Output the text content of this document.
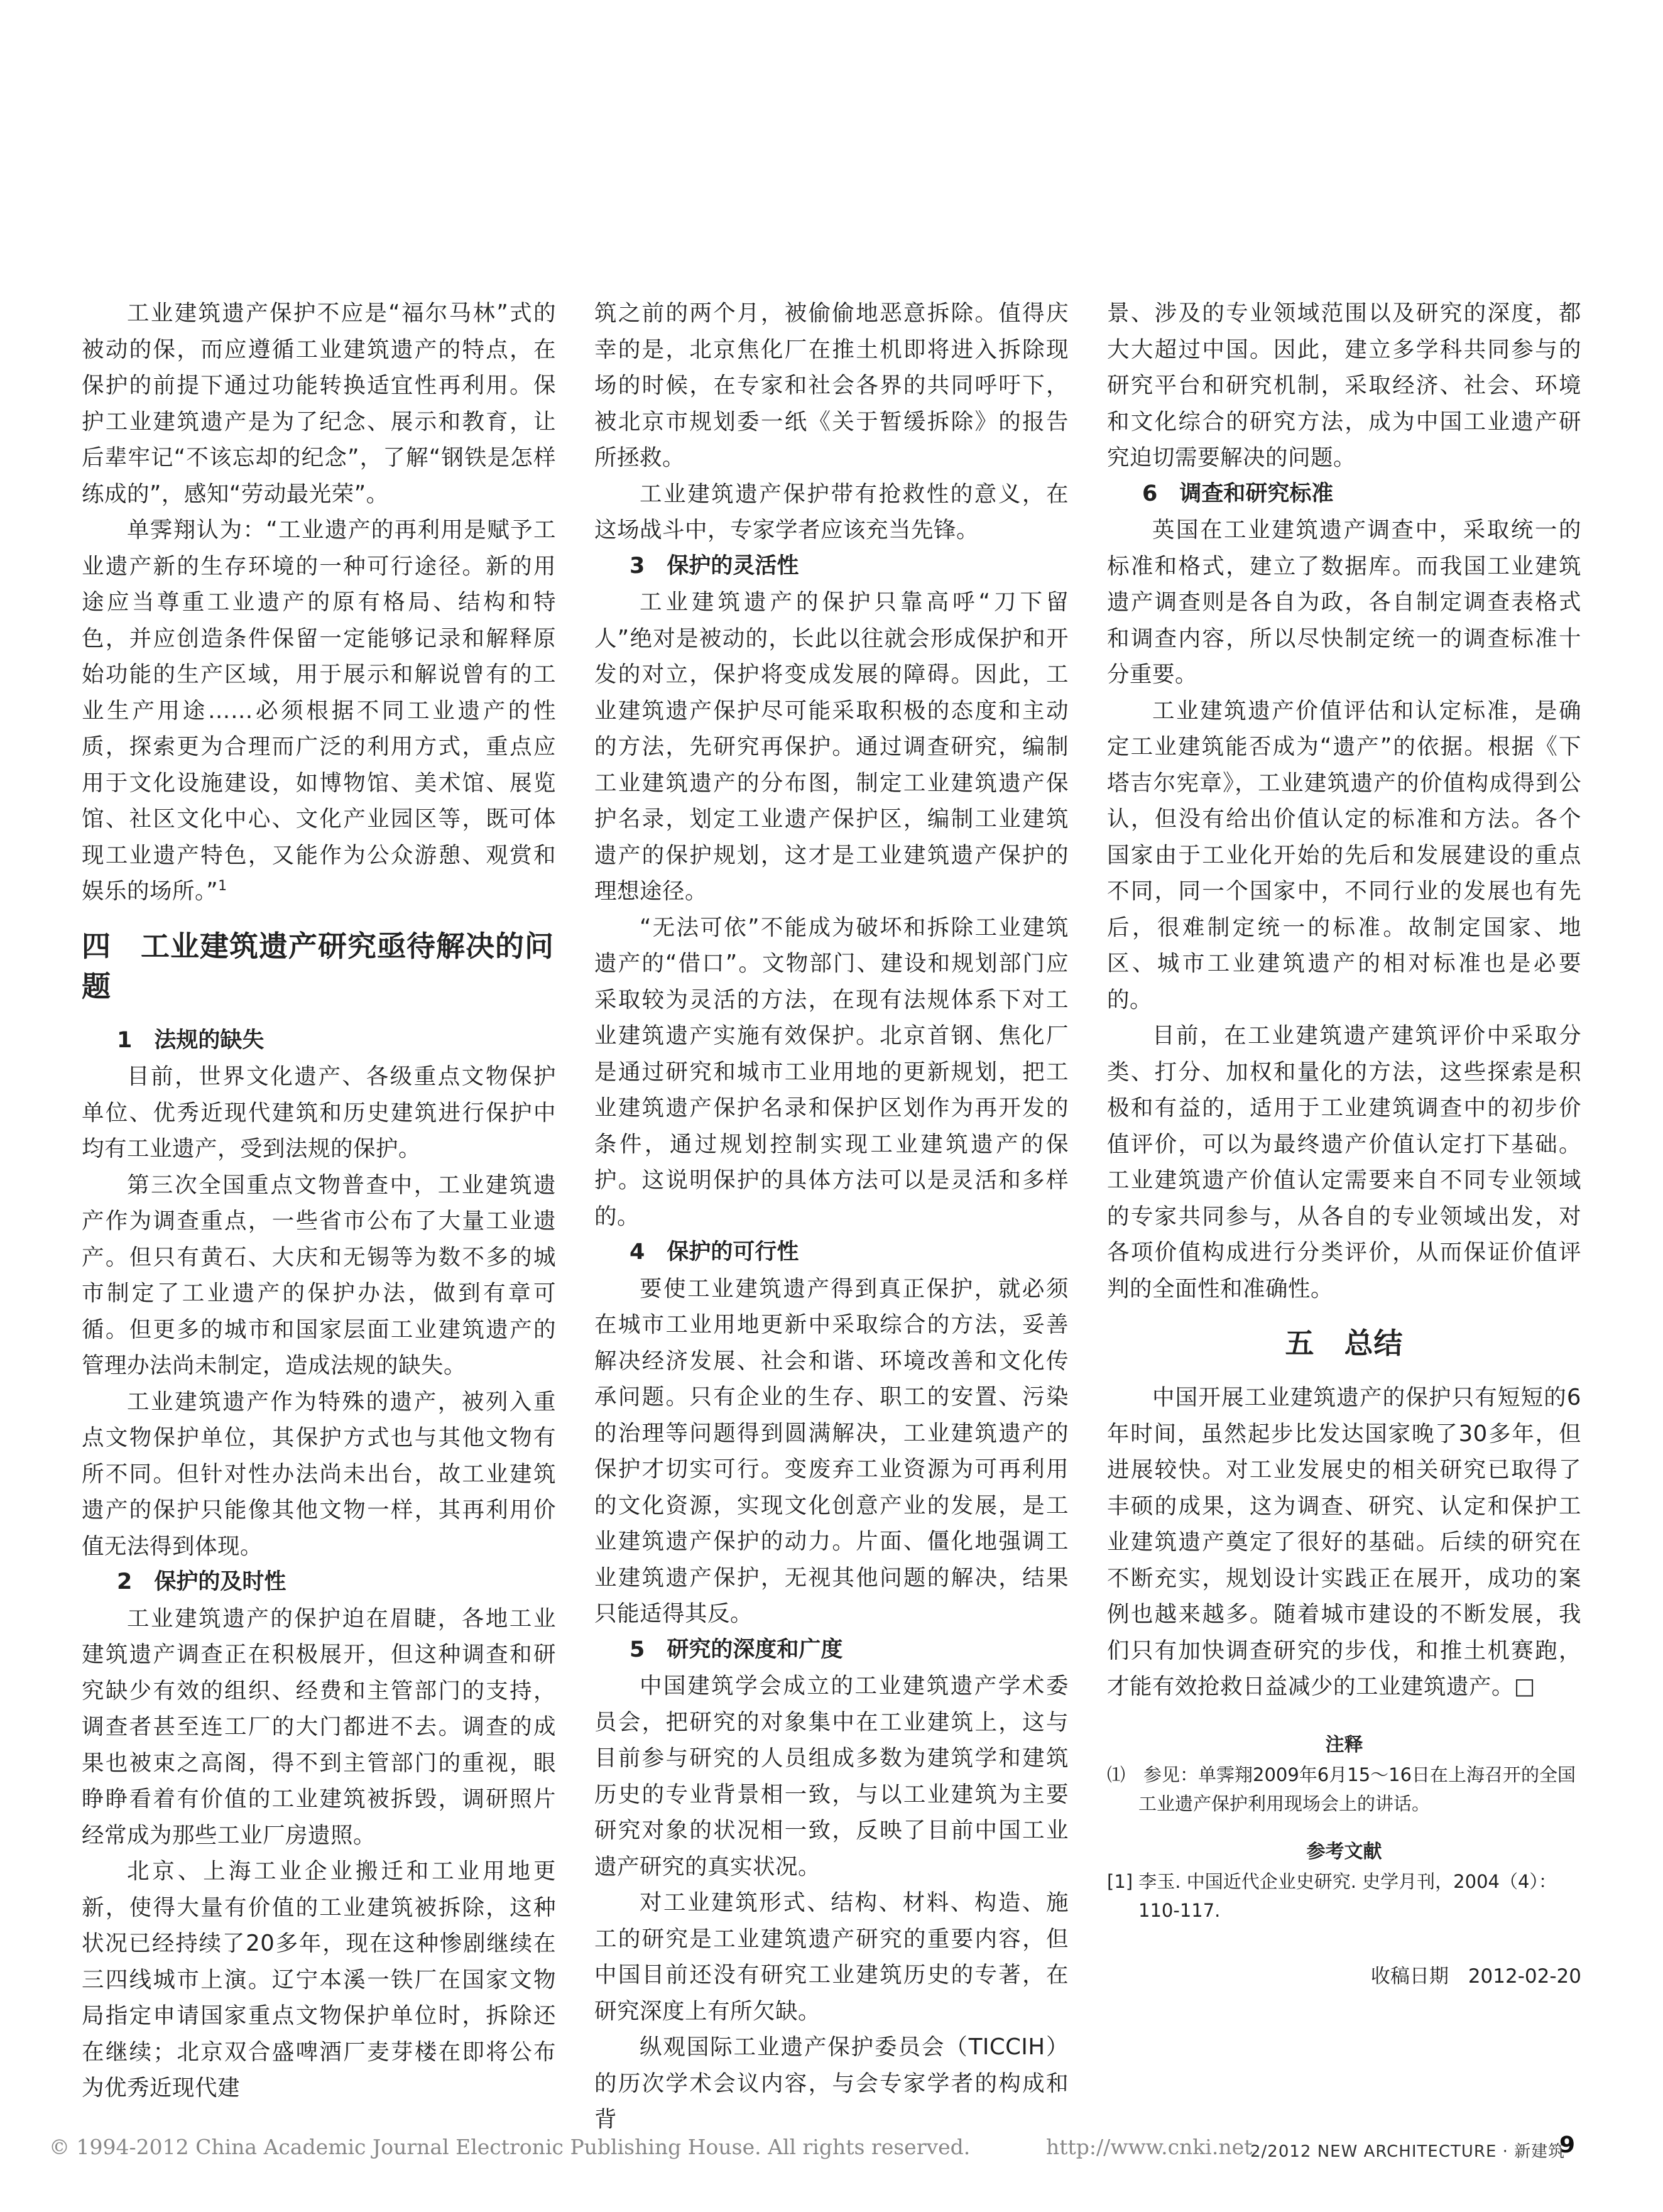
工业建筑遗产保护不应是“福尔马林”式的被动的保，而应遵循工业建筑遗产的特点，在保护的前提下通过功能转换适宜性再利用。保护工业建筑遗产是为了纪念、展示和教育，让后辈牢记“不该忘却的纪念”，了解“钢铁是怎样练成的”，感知“劳动最光荣”。

单霁翔认为：“工业遗产的再利用是赋予工业遗产新的生存环境的一种可行途径。新的用途应当尊重工业遗产的原有格局、结构和特色，并应创造条件保留一定能够记录和解释原始功能的生产区域，用于展示和解说曾有的工业生产用途……必须根据不同工业遗产的性质，探索更为合理而广泛的利用方式，重点应用于文化设施建设，如博物馆、美术馆、展览馆、社区文化中心、文化产业园区等，既可体现工业遗产特色，又能作为公众游憩、观赏和娱乐的场所。”$^1$

四　工业建筑遗产研究亟待解决的问题
1　法规的缺失

目前，世界文化遗产、各级重点文物保护单位、优秀近现代建筑和历史建筑进行保护中均有工业遗产，受到法规的保护。

第三次全国重点文物普查中，工业建筑遗产作为调查重点，一些省市公布了大量工业遗产。但只有黄石、大庆和无锡等为数不多的城市制定了工业遗产的保护办法，做到有章可循。但更多的城市和国家层面工业建筑遗产的管理办法尚未制定，造成法规的缺失。

工业建筑遗产作为特殊的遗产，被列入重点文物保护单位，其保护方式也与其他文物有所不同。但针对性办法尚未出台，故工业建筑遗产的保护只能像其他文物一样，其再利用价值无法得到体现。

2　保护的及时性

工业建筑遗产的保护迫在眉睫，各地工业建筑遗产调查正在积极展开，但这种调查和研究缺少有效的组织、经费和主管部门的支持，调查者甚至连工厂的大门都进不去。调查的成果也被束之高阁，得不到主管部门的重视，眼睁睁看着有价值的工业建筑被拆毁，调研照片经常成为那些工业厂房遗照。

北京、上海工业企业搬迁和工业用地更新，使得大量有价值的工业建筑被拆除，这种状况已经持续了20多年，现在这种惨剧继续在三四线城市上演。辽宁本溪一铁厂在国家文物局指定申请国家重点文物保护单位时，拆除还在继续；北京双合盛啤酒厂麦芽楼在即将公布为优秀近现代建

筑之前的两个月，被偷偷地恶意拆除。值得庆幸的是，北京焦化厂在推土机即将进入拆除现场的时候，在专家和社会各界的共同呼吁下，被北京市规划委一纸《关于暂缓拆除》的报告所拯救。

工业建筑遗产保护带有抢救性的意义，在这场战斗中，专家学者应该充当先锋。

3　保护的灵活性

工业建筑遗产的保护只靠高呼“刀下留人”绝对是被动的，长此以往就会形成保护和开发的对立，保护将变成发展的障碍。因此，工业建筑遗产保护尽可能采取积极的态度和主动的方法，先研究再保护。通过调查研究，编制工业建筑遗产的分布图，制定工业建筑遗产保护名录，划定工业遗产保护区，编制工业建筑遗产的保护规划，这才是工业建筑遗产保护的理想途径。

“无法可依”不能成为破坏和拆除工业建筑遗产的“借口”。文物部门、建设和规划部门应采取较为灵活的方法，在现有法规体系下对工业建筑遗产实施有效保护。北京首钢、焦化厂是通过研究和城市工业用地的更新规划，把工业建筑遗产保护名录和保护区划作为再开发的条件，通过规划控制实现工业建筑遗产的保护。这说明保护的具体方法可以是灵活和多样的。

4　保护的可行性

要使工业建筑遗产得到真正保护，就必须在城市工业用地更新中采取综合的方法，妥善解决经济发展、社会和谐、环境改善和文化传承问题。只有企业的生存、职工的安置、污染的治理等问题得到圆满解决，工业建筑遗产的保护才切实可行。变废弃工业资源为可再利用的文化资源，实现文化创意产业的发展，是工业建筑遗产保护的动力。片面、僵化地强调工业建筑遗产保护，无视其他问题的解决，结果只能适得其反。

5　研究的深度和广度

中国建筑学会成立的工业建筑遗产学术委员会，把研究的对象集中在工业建筑上，这与目前参与研究的人员组成多数为建筑学和建筑历史的专业背景相一致，与以工业建筑为主要研究对象的状况相一致，反映了目前中国工业遗产研究的真实状况。

对工业建筑形式、结构、材料、构造、施工的研究是工业建筑遗产研究的重要内容，但中国目前还没有研究工业建筑历史的专著，在研究深度上有所欠缺。

纵观国际工业遗产保护委员会（TICCIH）的历次学术会议内容，与会专家学者的构成和背

景、涉及的专业领域范围以及研究的深度，都大大超过中国。因此，建立多学科共同参与的研究平台和研究机制，采取经济、社会、环境和文化综合的研究方法，成为中国工业遗产研究迫切需要解决的问题。

6　调查和研究标准

英国在工业建筑遗产调查中，采取统一的标准和格式，建立了数据库。而我国工业建筑遗产调查则是各自为政，各自制定调查表格式和调查内容，所以尽快制定统一的调查标准十分重要。

工业建筑遗产价值评估和认定标准，是确定工业建筑能否成为“遗产”的依据。根据《下塔吉尔宪章》，工业建筑遗产的价值构成得到公认，但没有给出价值认定的标准和方法。各个国家由于工业化开始的先后和发展建设的重点不同，同一个国家中，不同行业的发展也有先后，很难制定统一的标准。故制定国家、地区、城市工业建筑遗产的相对标准也是必要的。

目前，在工业建筑遗产建筑评价中采取分类、打分、加权和量化的方法，这些探索是积极和有益的，适用于工业建筑调查中的初步价值评价，可以为最终遗产价值认定打下基础。工业建筑遗产价值认定需要来自不同专业领域的专家共同参与，从各自的专业领域出发，对各项价值构成进行分类评价，从而保证价值评判的全面性和准确性。

五　总结

中国开展工业建筑遗产的保护只有短短的6年时间，虽然起步比发达国家晚了30多年，但进展较快。对工业发展史的相关研究已取得了丰硕的成果，这为调查、研究、认定和保护工业建筑遗产奠定了很好的基础。后续的研究在不断充实，规划设计实践正在展开，成功的案例也越来越多。随着城市建设的不断发展，我们只有加快调查研究的步伐，和推土机赛跑，才能有效抢救日益减少的工业建筑遗产。□

注释

⑴　参见：单霁翔2009年6月15～16日在上海召开的全国工业遗产保护利用现场会上的讲话。

参考文献

[1] 李玉. 中国近代企业史研究. 史学月刊，2004（4）：110-117.

收稿日期　2012-02-20
© 1994-2012 China Academic Journal Electronic Publishing House. All rights reserved.	http://www.cnki.net
2/2012 NEW ARCHITECTURE · 新建筑
9
